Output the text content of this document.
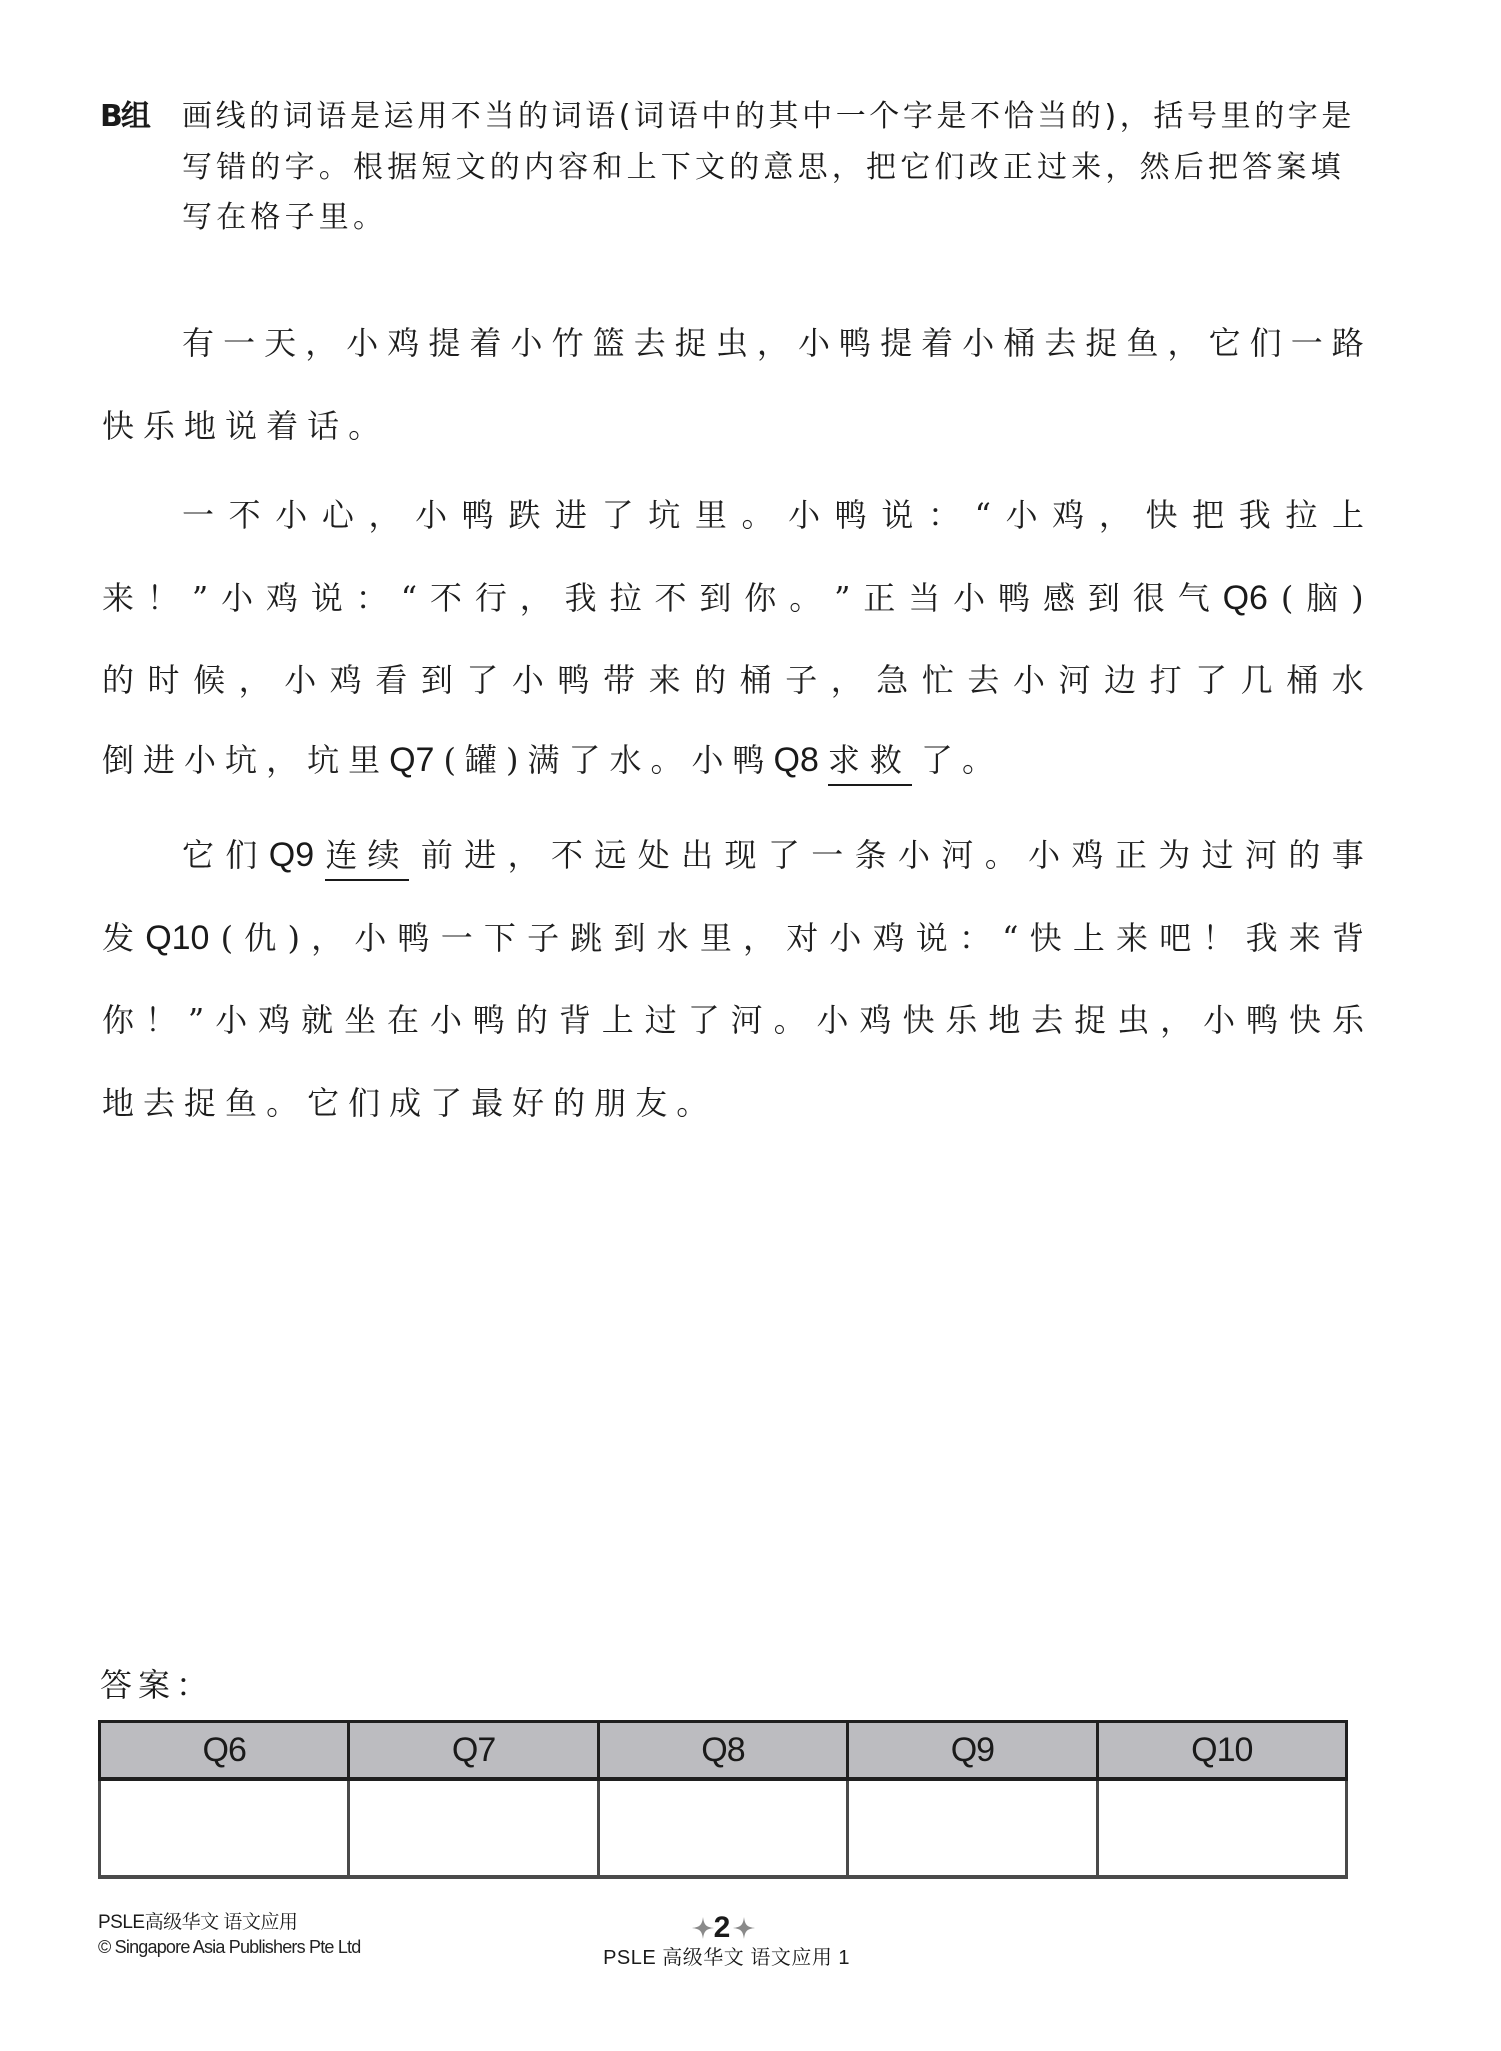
B组 画线的词语是运用不当的词语(词语中的其中一个字是不恰当的)，括号里的字是
写错的字。根据短文的内容和上下文的意思，把它们改正过来，然后把答案填
写在格子里。
有 一 天 ， 小 鸡 提 着 小 竹 篮 去 捉 虫 ， 小 鸭 提 着 小 桶 去 捉 鱼 ， 它 们 一 路
快 乐 地 说 着 话 。
一 不 小 心 ， 小 鸭 跌 进 了 坑 里 。 小 鸭 说 ： “ 小 鸡 ， 快 把 我 拉 上
来 ！ ” 小 鸡 说 ： “ 不 行 ， 我 拉 不 到 你 。 ” 正 当 小 鸭 感 到 很 气 Q6 ( 脑 )
的 时 候 ， 小 鸡 看 到 了 小 鸭 带 来 的 桶 子 ， 急 忙 去 小 河 边 打 了 几 桶 水
倒 进 小 坑 ， 坑 里 Q7 ( 罐 ) 满 了 水 。 小 鸭 Q8 求救 了 。
它 们 Q9 连续 前 进 ， 不 远 处 出 现 了 一 条 小 河 。 小 鸡 正 为 过 河 的 事
发 Q10 ( 仇 ) ， 小 鸭 一 下 子 跳 到 水 里 ， 对 小 鸡 说 ： “ 快 上 来 吧 ！ 我 来 背
你 ！ ” 小 鸡 就 坐 在 小 鸭 的 背 上 过 了 河 。 小 鸡 快 乐 地 去 捉 虫 ， 小 鸭 快 乐
地 去 捉 鱼 。 它 们 成 了 最 好 的 朋 友 。
答案：
Q6	Q7	Q8	Q9	Q10

PSLE高级华文 语文应用
© Singapore Asia Publishers Pte Ltd
2
PSLE 高级华文 语文应用 1
